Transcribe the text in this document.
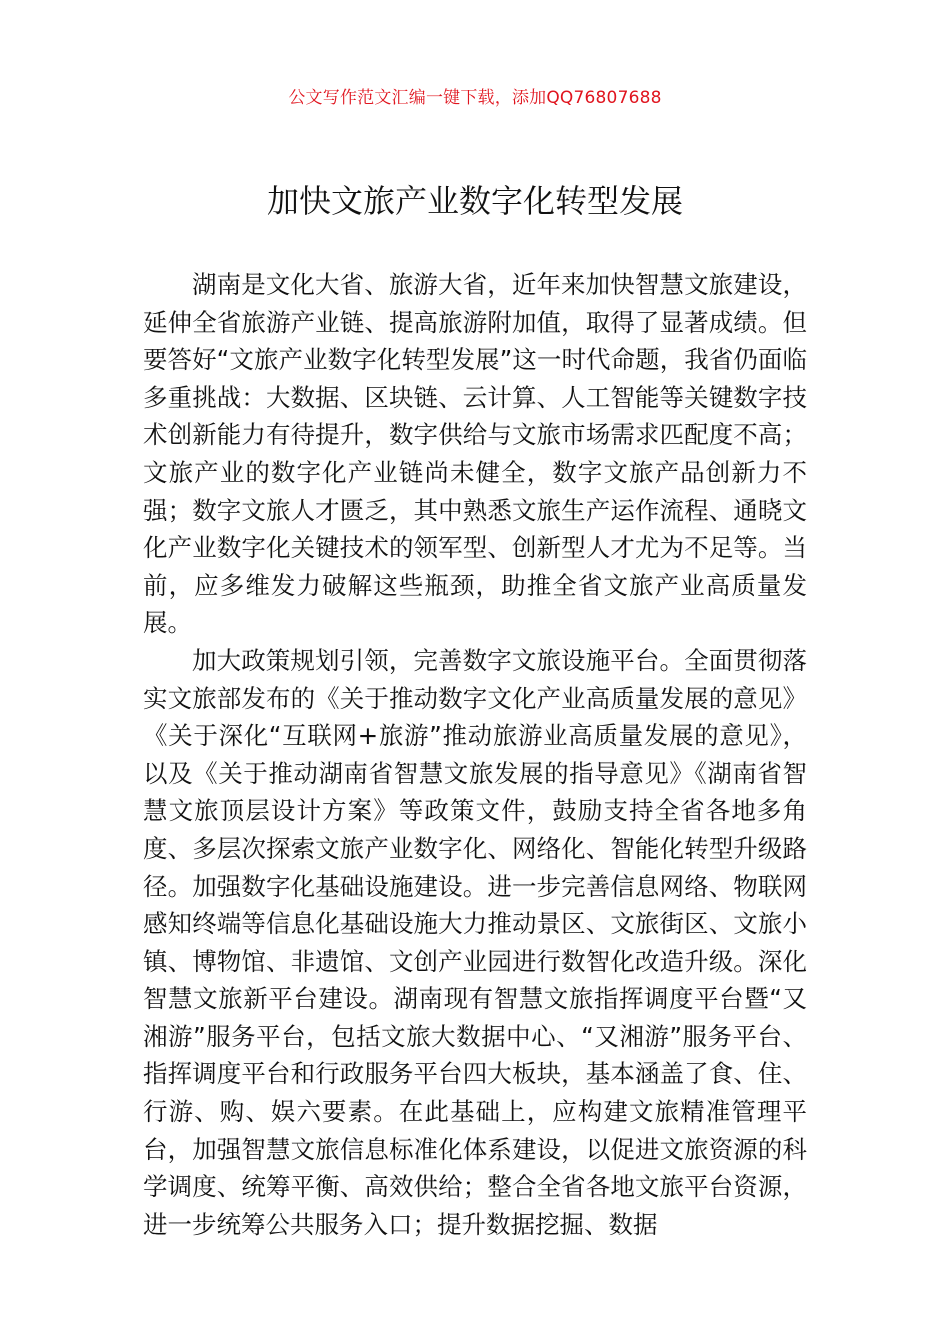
公文写作范文汇编一键下载，添加QQ76807688
加快文旅产业数字化转型发展

湖南是文化大省、旅游大省，近年来加快智慧文旅建设，延伸全省旅游产业链、提高旅游附加值，取得了显著成绩。但要答好“文旅产业数字化转型发展”这一时代命题，我省仍面临多重挑战：大数据、区块链、云计算、人工智能等关键数字技术创新能力有待提升，数字供给与文旅市场需求匹配度不高；文旅产业的数字化产业链尚未健全，数字文旅产品创新力不强；数字文旅人才匮乏，其中熟悉文旅生产运作流程、通晓文化产业数字化关键技术的领军型、创新型人才尤为不足等。当前，应多维发力破解这些瓶颈，助推全省文旅产业高质量发展。

加大政策规划引领，完善数字文旅设施平台。全面贯彻落实文旅部发布的《关于推动数字文化产业高质量发展的意见》《关于深化“互联网+旅游”推动旅游业高质量发展的意见》，以及《关于推动湖南省智慧文旅发展的指导意见》《湖南省智慧文旅顶层设计方案》等政策文件，鼓励支持全省各地多角度、多层次探索文旅产业数字化、网络化、智能化转型升级路径。加强数字化基础设施建设。进一步完善信息网络、物联网感知终端等信息化基础设施大力推动景区、文旅街区、文旅小镇、博物馆、非遗馆、文创产业园进行数智化改造升级。深化智慧文旅新平台建设。湖南现有智慧文旅指挥调度平台暨“又湘游”服务平台，包括文旅大数据中心、“又湘游”服务平台、指挥调度平台和行政服务平台四大板块，基本涵盖了食、住、行游、购、娱六要素。在此基础上，应构建文旅精准管理平台，加强智慧文旅信息标准化体系建设，以促进文旅资源的科学调度、统筹平衡、高效供给；整合全省各地文旅平台资源，进一步统筹公共服务入口；提升数据挖掘、数据
